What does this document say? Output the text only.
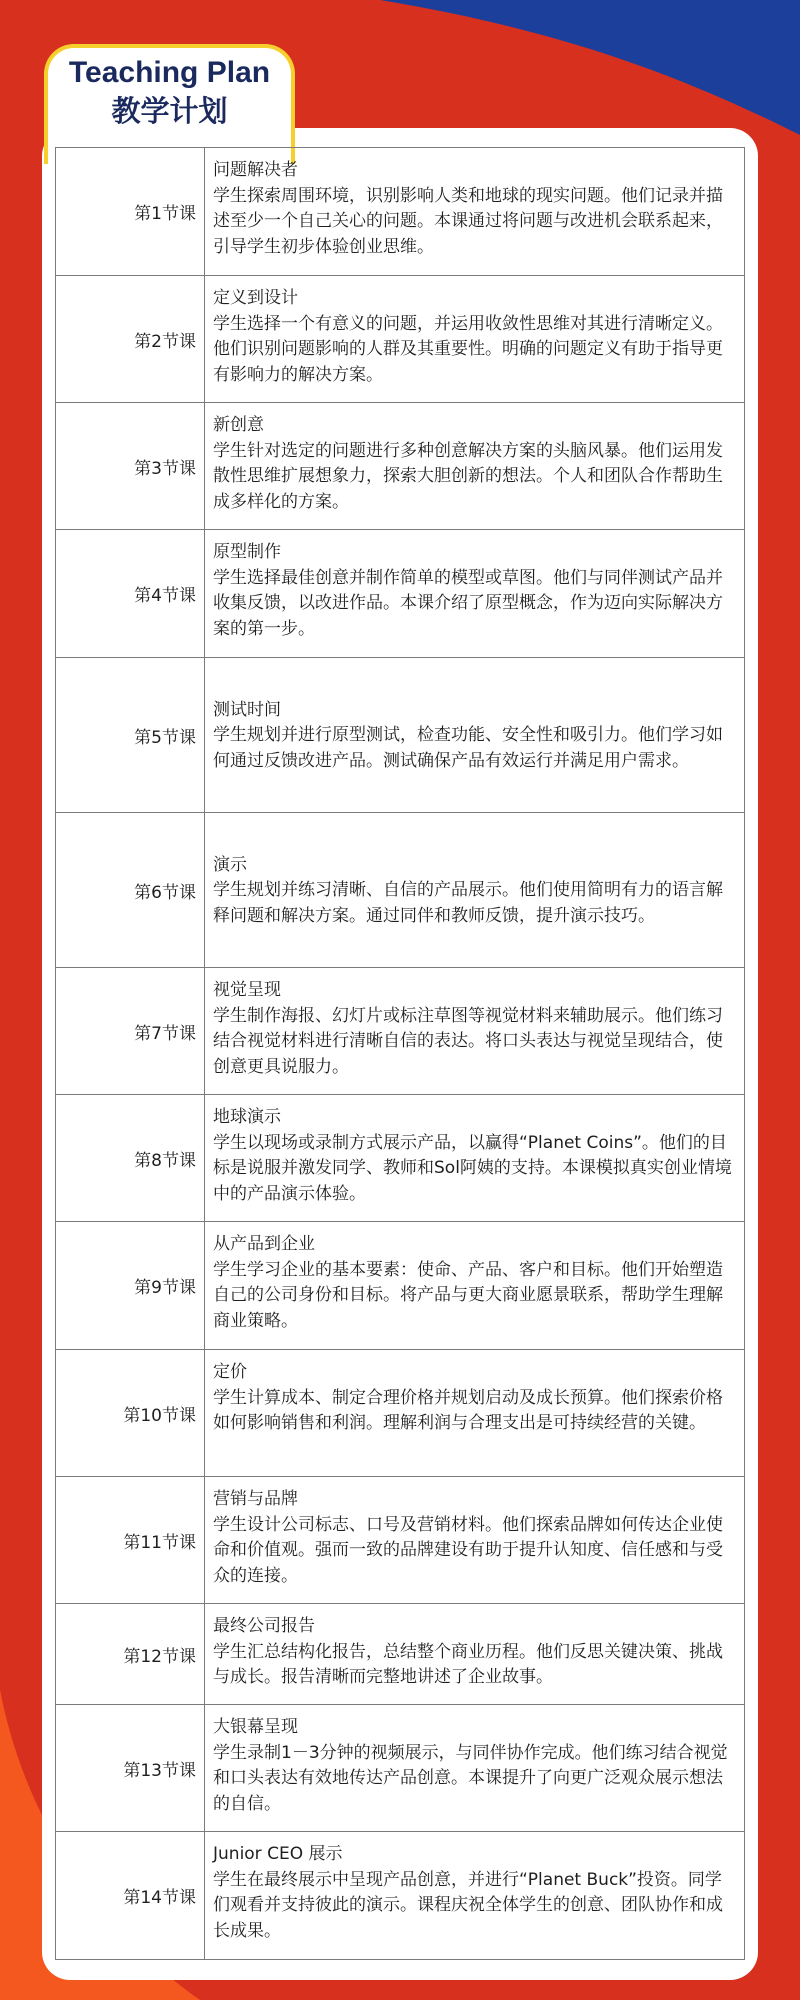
Teaching Plan
教学计划
第1节课	问题解决者
学生探索周围环境，识别影响人类和地球的现实问题。他们记录并描述至少一个自己关心的问题。本课通过将问题与改进机会联系起来，引导学生初步体验创业思维。

第2节课	定义到设计
学生选择一个有意义的问题，并运用收敛性思维对其进行清晰定义。他们识别问题影响的人群及其重要性。明确的问题定义有助于指导更有影响力的解决方案。

第3节课	新创意
学生针对选定的问题进行多种创意解决方案的头脑风暴。他们运用发散性思维扩展想象力，探索大胆创新的想法。个人和团队合作帮助生成多样化的方案。

第4节课	原型制作
学生选择最佳创意并制作简单的模型或草图。他们与同伴测试产品并收集反馈，以改进作品。本课介绍了原型概念，作为迈向实际解决方案的第一步。

第5节课	测试时间
学生规划并进行原型测试，检查功能、安全性和吸引力。他们学习如何通过反馈改进产品。测试确保产品有效运行并满足用户需求。

第6节课	演示
学生规划并练习清晰、自信的产品展示。他们使用简明有力的语言解释问题和解决方案。通过同伴和教师反馈，提升演示技巧。

第7节课	视觉呈现
学生制作海报、幻灯片或标注草图等视觉材料来辅助展示。他们练习结合视觉材料进行清晰自信的表达。将口头表达与视觉呈现结合，使创意更具说服力。

第8节课	地球演示
学生以现场或录制方式展示产品，以赢得“Planet Coins”。他们的目标是说服并激发同学、教师和Sol阿姨的支持。本课模拟真实创业情境中的产品演示体验。

第9节课	从产品到企业
学生学习企业的基本要素：使命、产品、客户和目标。他们开始塑造自己的公司身份和目标。将产品与更大商业愿景联系，帮助学生理解商业策略。

第10节课	定价
学生计算成本、制定合理价格并规划启动及成长预算。他们探索价格如何影响销售和利润。理解利润与合理支出是可持续经营的关键。

第11节课	营销与品牌
学生设计公司标志、口号及营销材料。他们探索品牌如何传达企业使命和价值观。强而一致的品牌建设有助于提升认知度、信任感和与受众的连接。

第12节课	最终公司报告
学生汇总结构化报告，总结整个商业历程。他们反思关键决策、挑战与成长。报告清晰而完整地讲述了企业故事。

第13节课	大银幕呈现
学生录制1－3分钟的视频展示，与同伴协作完成。他们练习结合视觉和口头表达有效地传达产品创意。本课提升了向更广泛观众展示想法的自信。

第14节课	Junior CEO 展示
学生在最终展示中呈现产品创意，并进行“Planet Buck”投资。同学们观看并支持彼此的演示。课程庆祝全体学生的创意、团队协作和成长成果。
